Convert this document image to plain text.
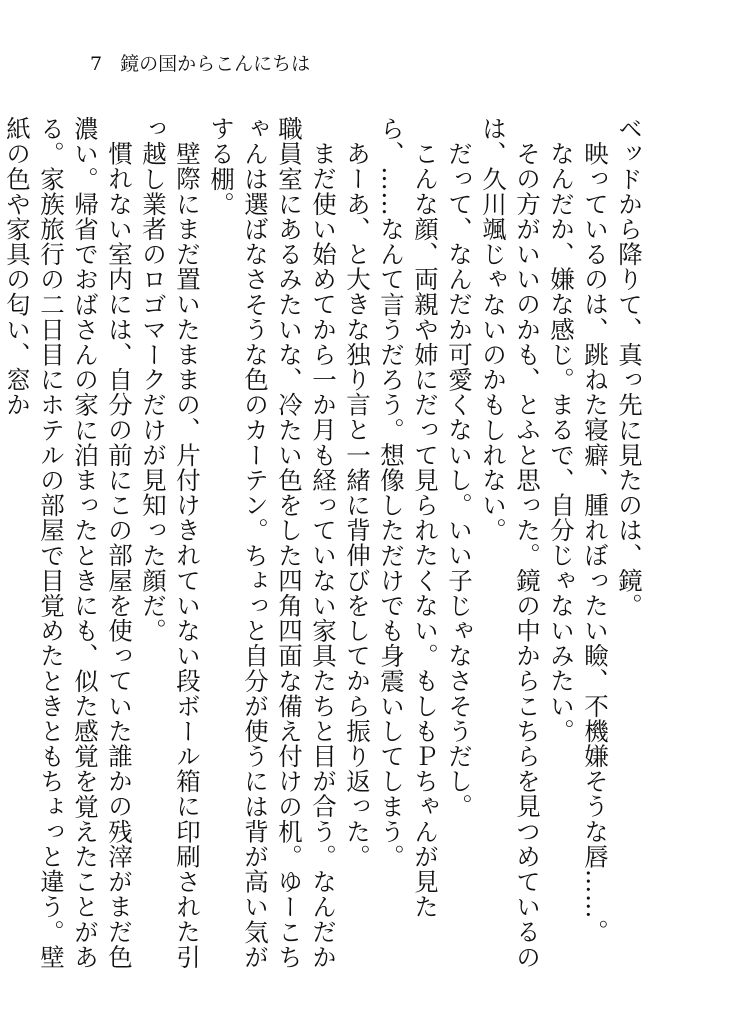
7 鏡の国からこんにちは

ベッドから降りて、真っ先に見たのは、鏡。

映っているのは、跳ねた寝癖、腫れぼったい瞼、不機嫌そうな唇……。

なんだか、嫌な感じ。まるで、自分じゃないみたい。

その方がいいのかも、とふと思った。鏡の中からこちらを見つめているのは、久川颯じゃないのかもしれない。

だって、なんだか可愛くないし。いい子じゃなさそうだし。

こんな顔、両親や姉にだって見られたくない。もしもＰちゃんが見たら、……なんて言うだろう。想像しただけでも身震いしてしまう。

あーあ、と大きな独り言と一緒に背伸びをしてから振り返った。

まだ使い始めてから一か月も経っていない家具たちと目が合う。なんだか職員室にあるみたいな、冷たい色をした四角四面な備え付けの机。ゆーこちゃんは選ばなさそうな色のカーテン。ちょっと自分が使うには背が高い気がする棚。

壁際にまだ置いたままの、片付けきれていない段ボール箱に印刷された引っ越し業者のロゴマークだけが見知った顔だ。

慣れない室内には、自分の前にこの部屋を使っていた誰かの残滓がまだ色濃い。帰省でおばさんの家に泊まったときにも、似た感覚を覚えたことがある。家族旅行の二日目にホテルの部屋で目覚めたときともちょっと違う。壁紙の色や家具の匂い、窓か
